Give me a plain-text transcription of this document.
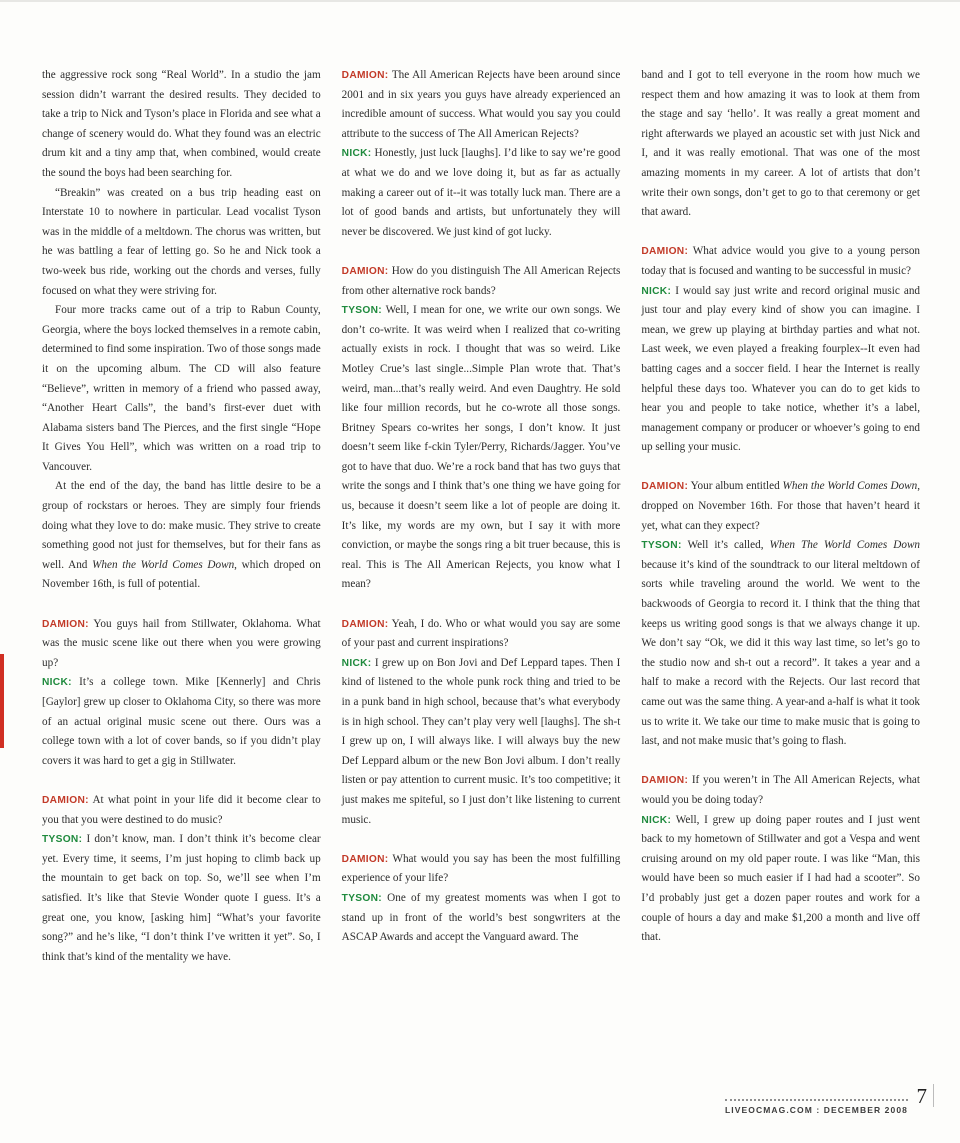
the aggressive rock song “Real World”. In a studio the jam session didn’t warrant the desired results. They decided to take a trip to Nick and Tyson’s place in Florida and see what a change of scenery would do. What they found was an electric drum kit and a tiny amp that, when combined, would create the sound the boys had been searching for.

“Breakin” was created on a bus trip heading east on Interstate 10 to nowhere in particular. Lead vocalist Tyson was in the middle of a meltdown. The chorus was written, but he was battling a fear of letting go. So he and Nick took a two-week bus ride, working out the chords and verses, fully focused on what they were striving for.

Four more tracks came out of a trip to Rabun County, Georgia, where the boys locked themselves in a remote cabin, determined to find some inspiration. Two of those songs made it on the upcoming album. The CD will also feature “Believe”, written in memory of a friend who passed away, “Another Heart Calls”, the band’s first-ever duet with Alabama sisters band The Pierces, and the first single “Hope It Gives You Hell”, which was written on a road trip to Vancouver.

At the end of the day, the band has little desire to be a group of rockstars or heroes. They are simply four friends doing what they love to do: make music. They strive to create something good not just for themselves, but for their fans as well. And When the World Comes Down, which droped on November 16th, is full of potential.

DAMION: You guys hail from Stillwater, Oklahoma. What was the music scene like out there when you were growing up?

NICK: It’s a college town. Mike [Kennerly] and Chris [Gaylor] grew up closer to Oklahoma City, so there was more of an actual original music scene out there. Ours was a college town with a lot of cover bands, so if you didn’t play covers it was hard to get a gig in Stillwater.

DAMION: At what point in your life did it become clear to you that you were destined to do music?

TYSON: I don’t know, man. I don’t think it’s become clear yet. Every time, it seems, I’m just hoping to climb back up the mountain to get back on top. So, we’ll see when I’m satisfied. It’s like that Stevie Wonder quote I guess. It’s a great one, you know, [asking him] “What’s your favorite song?” and he’s like, “I don’t think I’ve written it yet”. So, I think that’s kind of the mentality we have.

DAMION: The All American Rejects have been around since 2001 and in six years you guys have already experienced an incredible amount of success. What would you say you could attribute to the success of The All American Rejects?

NICK: Honestly, just luck [laughs]. I’d like to say we’re good at what we do and we love doing it, but as far as actually making a career out of it--it was totally luck man. There are a lot of good bands and artists, but unfortunately they will never be discovered. We just kind of got lucky.

DAMION: How do you distinguish The All American Rejects from other alternative rock bands?

TYSON: Well, I mean for one, we write our own songs. We don’t co-write. It was weird when I realized that co-writing actually exists in rock. I thought that was so weird. Like Motley Crue’s last single...Simple Plan wrote that. That’s weird, man...that’s really weird. And even Daughtry. He sold like four million records, but he co-wrote all those songs. Britney Spears co-writes her songs, I don’t know. It just doesn’t seem like f-ckin Tyler/Perry, Richards/Jagger. You’ve got to have that duo. We’re a rock band that has two guys that write the songs and I think that’s one thing we have going for us, because it doesn’t seem like a lot of people are doing it. It’s like, my words are my own, but I say it with more conviction, or maybe the songs ring a bit truer because, this is real. This is The All American Rejects, you know what I mean?

DAMION: Yeah, I do. Who or what would you say are some of your past and current inspirations?

NICK: I grew up on Bon Jovi and Def Leppard tapes. Then I kind of listened to the whole punk rock thing and tried to be in a punk band in high school, because that’s what everybody is in high school. They can’t play very well [laughs]. The sh-t I grew up on, I will always like. I will always buy the new Def Leppard album or the new Bon Jovi album. I don’t really listen or pay attention to current music. It’s too competitive; it just makes me spiteful, so I just don’t like listening to current music.

DAMION: What would you say has been the most fulfilling experience of your life?

TYSON: One of my greatest moments was when I got to stand up in front of the world’s best songwriters at the ASCAP Awards and accept the Vanguard award. The

band and I got to tell everyone in the room how much we respect them and how amazing it was to look at them from the stage and say ‘hello’. It was really a great moment and right afterwards we played an acoustic set with just Nick and I, and it was really emotional. That was one of the most amazing moments in my career. A lot of artists that don’t write their own songs, don’t get to go to that ceremony or get that award.

DAMION: What advice would you give to a young person today that is focused and wanting to be successful in music?

NICK: I would say just write and record original music and just tour and play every kind of show you can imagine. I mean, we grew up playing at birthday parties and what not. Last week, we even played a freaking fourplex--It even had batting cages and a soccer field. I hear the Internet is really helpful these days too. Whatever you can do to get kids to hear you and people to take notice, whether it’s a label, management company or producer or whoever’s going to end up selling your music.

DAMION: Your album entitled When the World Comes Down, dropped on November 16th. For those that haven’t heard it yet, what can they expect?

TYSON: Well it’s called, When The World Comes Down because it’s kind of the soundtrack to our literal meltdown of sorts while traveling around the world. We went to the backwoods of Georgia to record it. I think that the thing that keeps us writing good songs is that we always change it up. We don’t say “Ok, we did it this way last time, so let’s go to the studio now and sh-t out a record”. It takes a year and a half to make a record with the Rejects. Our last record that came out was the same thing. A year-and a-half is what it took us to write it. We take our time to make music that is going to last, and not make music that’s going to flash.

DAMION: If you weren’t in The All American Rejects, what would you be doing today?

NICK: Well, I grew up doing paper routes and I just went back to my hometown of Stillwater and got a Vespa and went cruising around on my old paper route. I was like “Man, this would have been so much easier if I had had a scooter”. So I’d probably just get a dozen paper routes and work for a couple of hours a day and make $1,200 a month and live off that.

LIVEOCMAG.COM : DECEMBER 2008
7
